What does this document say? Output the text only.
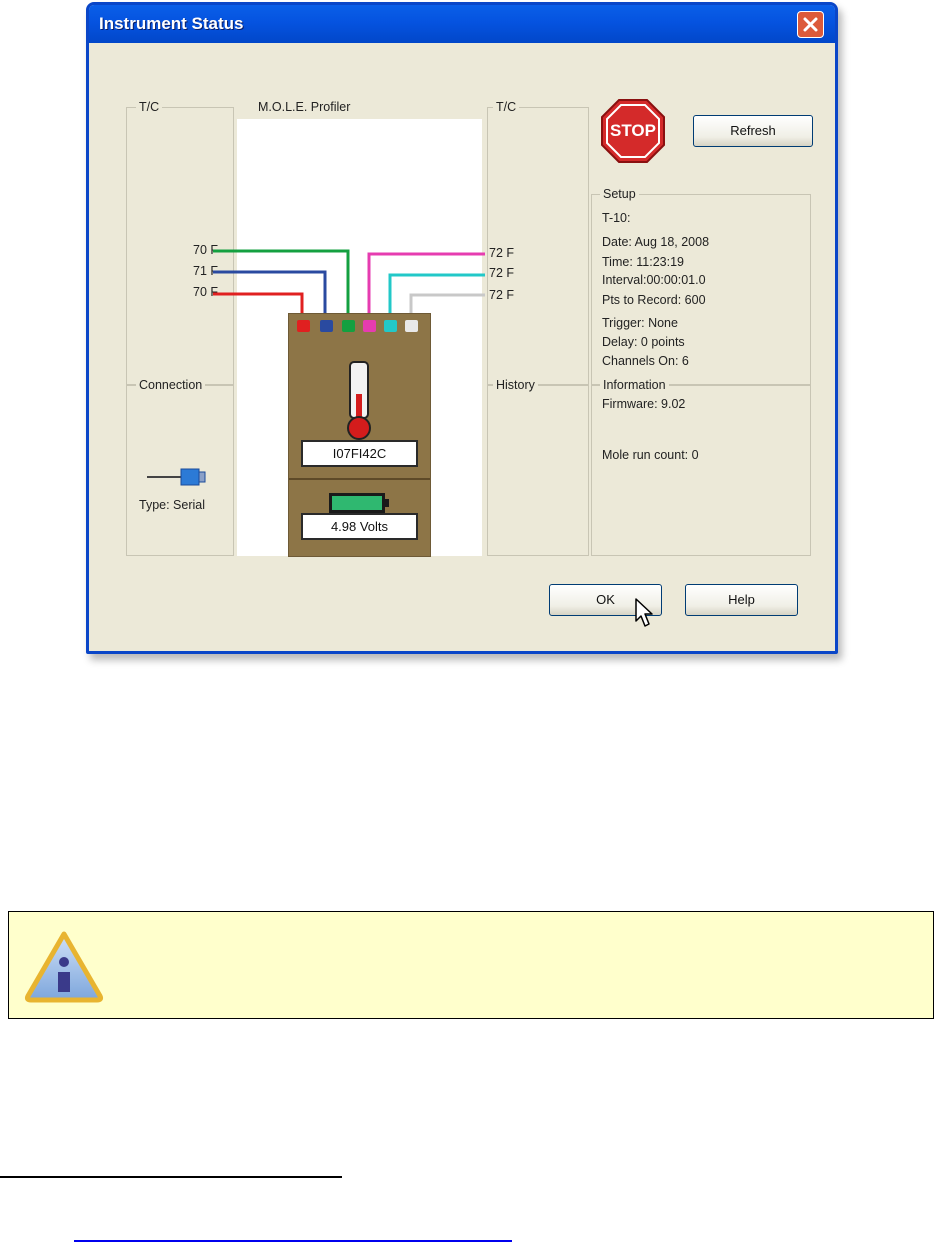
Instrument Status
T/C
Connection
T/C
History
Setup
Information
M.O.L.E. Profiler
70 F
71 F
70 F
72 F
72 F
72 F
I07FI42C
4.98 Volts
Type: Serial
STOP	Refresh
T-10:
Date: Aug 18, 2008
Time: 11:23:19
Interval:00:00:01.0
Pts to Record: 600
Trigger: None
Delay: 0 points
Channels On: 6
Firmware: 9.02
Mole run count: 0
OK	Help
